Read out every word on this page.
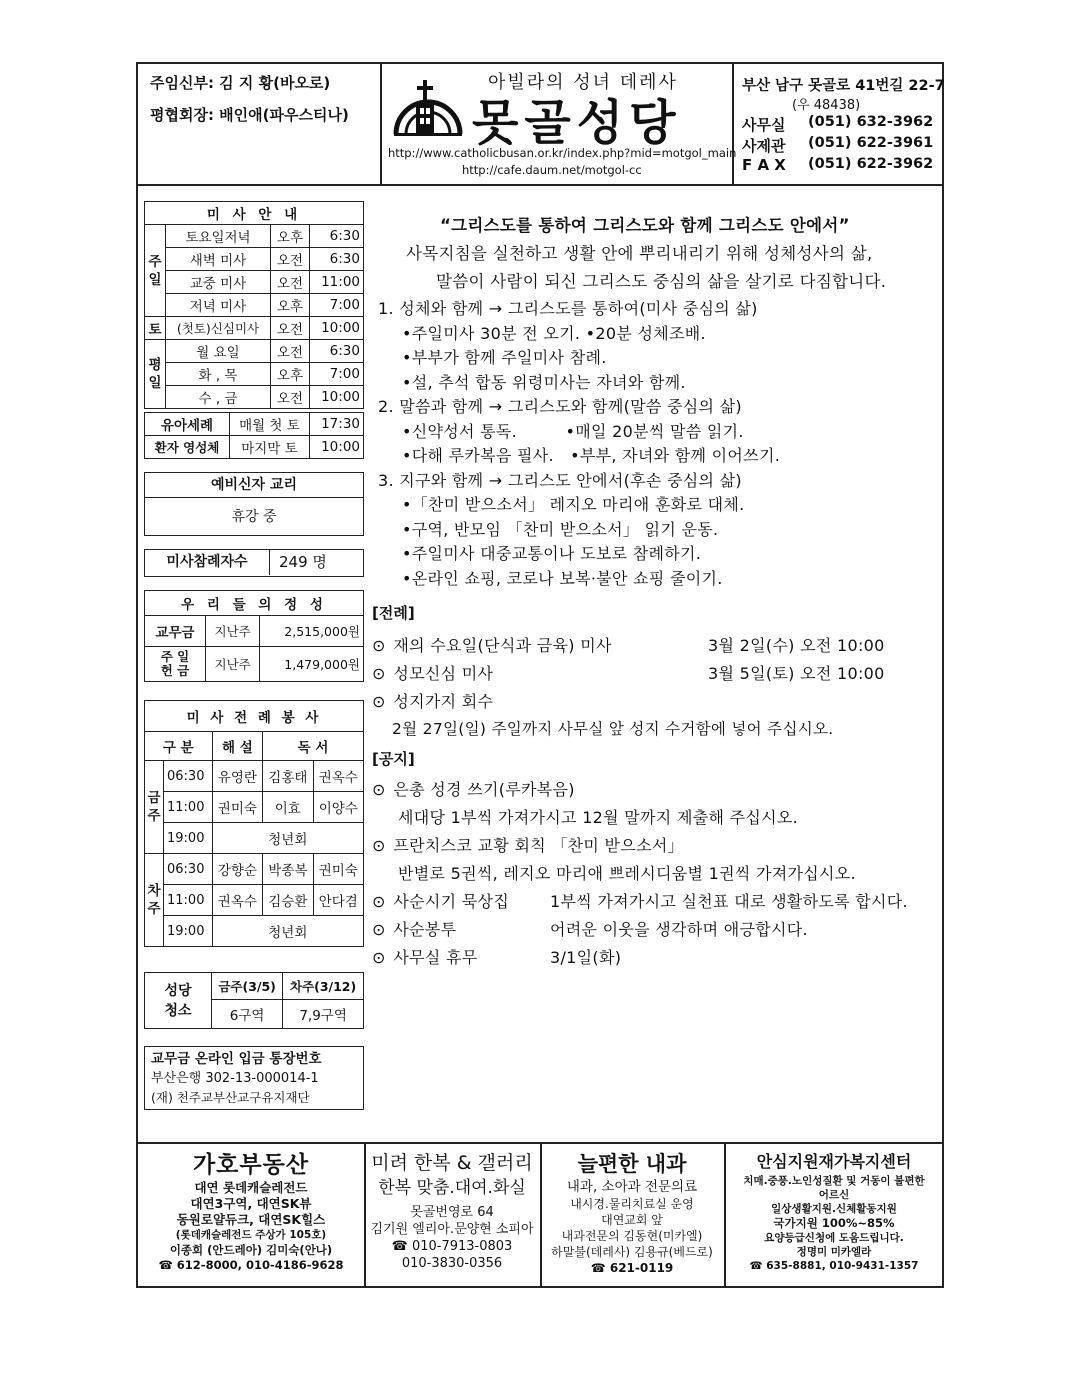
주임신부: 김 지 황(바오로)
평협회장: 배인애(파우스티나)
아빌라의 성녀 데레사
못골성당
http://www.catholicbusan.or.kr/index.php?mid=motgol_main
http://cafe.daum.net/motgol-cc
부산 남구 못골로 41번길 22-7
(우 48438)
사무실 (051) 632-3962
사제관 (051) 622-3961
F A X (051) 622-3962
미 사 안 내			
주일	토요일저녁	오후	6:30
	새벽 미사	오전	6:30
	교중 미사	오전	11:00
	저녁 미사	오후	7:00
토	(첫토)신심미사	오전	10:00
평일	월 요일	오전	6:30
	화 , 목	오후	7:00
	수 , 금	오전	10:00
유아세례	매월 첫 토	17:30
환자 영성체	마지막 토	10:00
예비신자 교리
휴강 중
미사참례자수	249 명
우 리 들 의 정 성		
교무금	지난주	2,515,000원
주 일
헌 금	지난주	1,479,000원
미 사 전 례 봉 사				
구 분		해 설	독 서	
금주	06:30	유영란	김홍태	권옥수
	11:00	권미숙	이효	이양수
	19:00	청년회		
차주	06:30	강향순	박종복	권미숙
	11:00	권옥수	김승환	안다겸
	19:00	청년회		
성당
청소	금주(3/5)	차주(3/12)
	6구역	7,9구역
교무금 온라인 입금 통장번호
부산은행 302-13-000014-1
(재) 천주교부산교구유지재단
“그리스도를 통하여 그리스도와 함께 그리스도 안에서”
사목지침을 실천하고 생활 안에 뿌리내리기 위해 성체성사의 삶,
말씀이 사람이 되신 그리스도 중심의 삶을 살기로 다짐합니다.
1. 성체와 함께 → 그리스도를 통하여(미사 중심의 삶)
•주일미사 30분 전 오기. •20분 성체조배.
•부부가 함께 주일미사 참례.
•설, 추석 합동 위령미사는 자녀와 함께.
2. 말씀과 함께 → 그리스도와 함께(말씀 중심의 삶)
•신약성서 통독.         •매일 20분씩 말씀 읽기.
•다해 루카복음 필사.   •부부, 자녀와 함께 이어쓰기.
3. 지구와 함께 → 그리스도 안에서(후손 중심의 삶)
•「찬미 받으소서」 레지오 마리애 훈화로 대체.
•구역, 반모임 「찬미 받으소서」 읽기 운동.
•주일미사 대중교통이나 도보로 참례하기.
•온라인 쇼핑, 코로나 보복·불안 쇼핑 줄이기.
[전례]
⊙ 재의 수요일(단식과 금육) 미사	3월 2일(수) 오전 10:00
⊙ 성모신심 미사	3월 5일(토) 오전 10:00
⊙ 성지가지 회수
2월 27일(일) 주일까지 사무실 앞 성지 수거함에 넣어 주십시오.
[공지]
⊙ 은총 성경 쓰기(루카복음)
세대당 1부씩 가져가시고 12월 말까지 제출해 주십시오.
⊙ 프란치스코 교황 회칙 「찬미 받으소서」
반별로 5권씩, 레지오 마리애 쁘레시디움별 1권씩 가져가십시오.
⊙ 사순시기 묵상집	1부씩 가져가시고 실천표 대로 생활하도록 합시다.
⊙ 사순봉투	어려운 이웃을 생각하며 애긍합시다.
⊙ 사무실 휴무	3/1일(화)
가호부동산
대연 롯데캐슬레전드
대연3구역, 대연SK뷰
동원로얄듀크, 대연SK힐스
(롯데캐슬레전드 주상가 105호)
이종희 (안드레아) 김미숙(안나)
☎ 612-8000, 010-4186-9628
미려 한복 & 갤러리
한복 맞춤.대여.화실
못골번영로 64
김기원 엘리아.문양현 소피아
☎ 010-7913-0803
010-3830-0356
늘편한 내과
내과, 소아과 전문의료
내시경.물리치료실 운영
대연교회 앞
내과전문의 김동현(미카엘)
하말불(데레사) 김용규(베드로)
☎ 621-0119
안심지원재가복지센터
치매.중풍.노인성질환 및 거동이 불편한
어르신
일상생활지원.신체활동지원
국가지원 100%~85%
요양등급신청에 도움드립니다.
정명미 미카엘라
☎ 635-8881, 010-9431-1357
